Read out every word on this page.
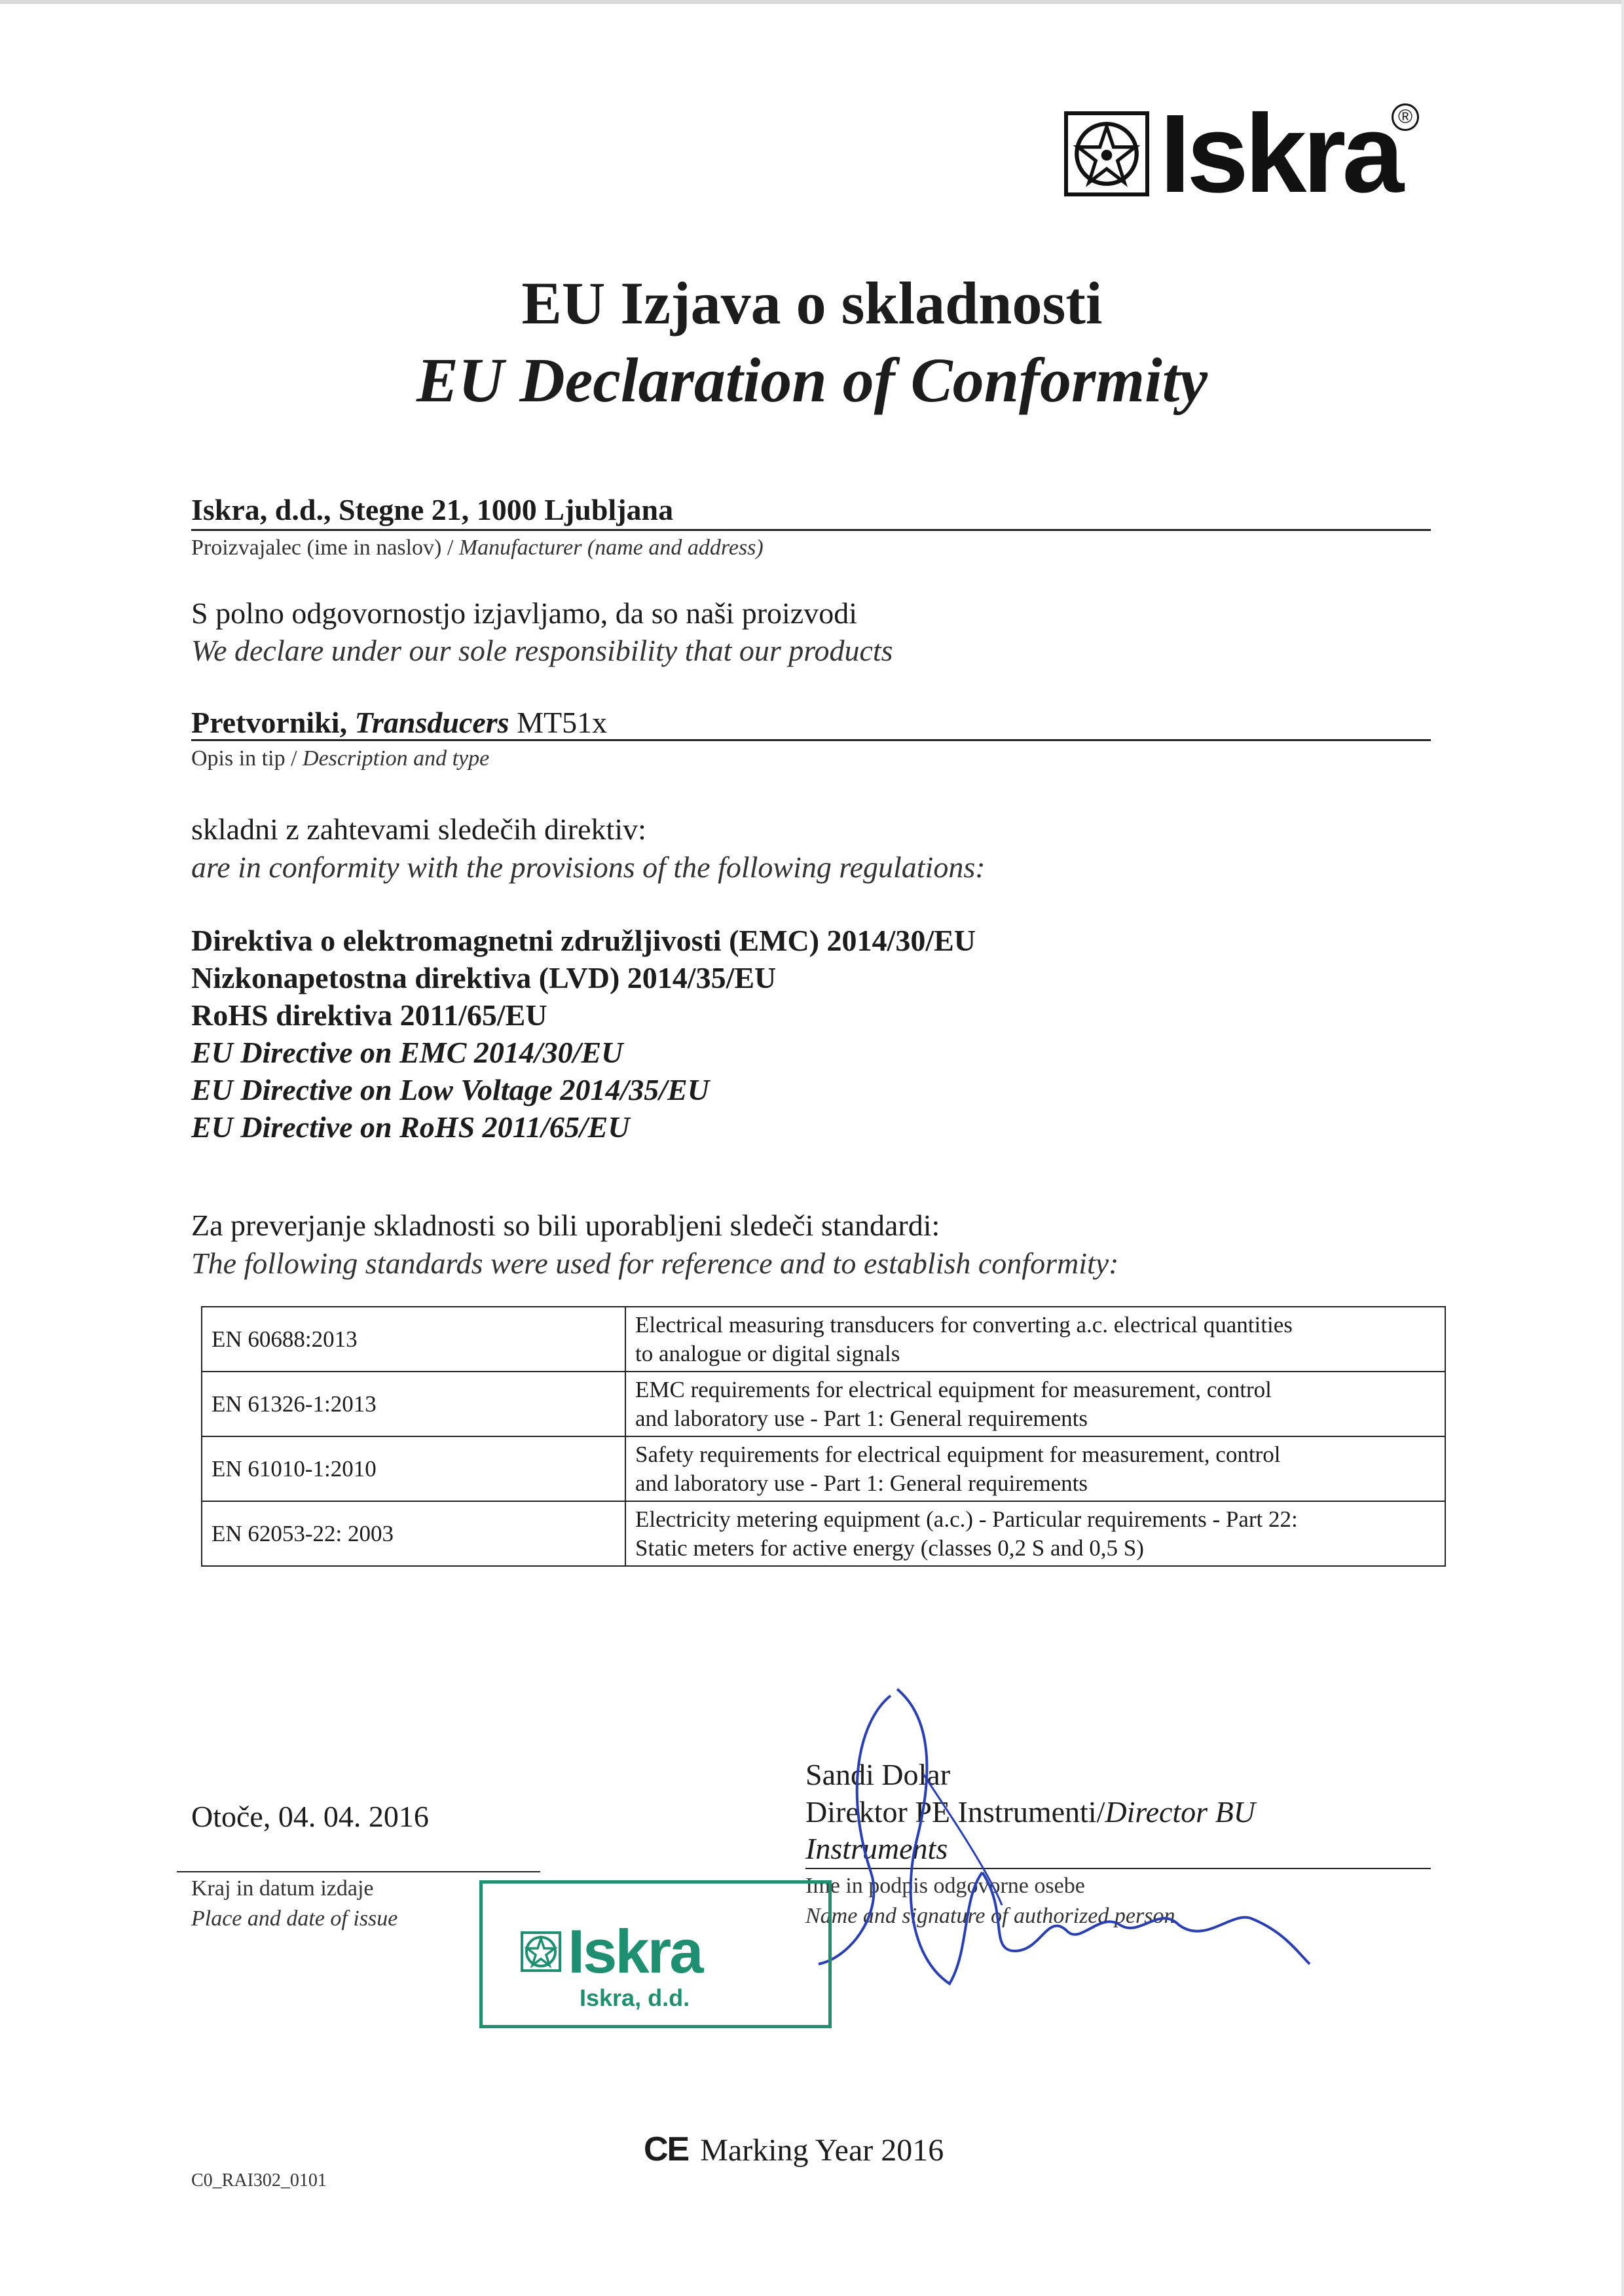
Iskra
®
EU Izjava o skladnosti
EU Declaration of Conformity
Iskra, d.d., Stegne 21, 1000 Ljubljana
Proizvajalec (ime in naslov) / Manufacturer (name and address)
S polno odgovornostjo izjavljamo, da so naši proizvodi
We declare under our sole responsibility that our products
Pretvorniki, Transducers MT51x
Opis in tip / Description and type
skladni z zahtevami sledečih direktiv:
are in conformity with the provisions of the following regulations:
Direktiva o elektromagnetni združljivosti (EMC) 2014/30/EU
Nizkonapetostna direktiva (LVD) 2014/35/EU
RoHS direktiva 2011/65/EU
EU Directive on EMC 2014/30/EU
EU Directive on Low Voltage 2014/35/EU
EU Directive on RoHS 2011/65/EU
Za preverjanje skladnosti so bili uporabljeni sledeči standardi:
The following standards were used for reference and to establish conformity:
EN 60688:2013	Electrical measuring transducers for converting a.c. electrical quantities
to analogue or digital signals

EN 61326-1:2013	EMC requirements for electrical equipment for measurement, control
and laboratory use - Part 1: General requirements

EN 61010-1:2010	Safety requirements for electrical equipment for measurement, control
and laboratory use - Part 1: General requirements

EN 62053-22: 2003	Electricity metering equipment (a.c.) - Particular requirements - Part 22:
Static meters for active energy (classes 0,2 S and 0,5 S)
Otoče, 04. 04. 2016
Kraj in datum izdaje
Place and date of issue
Sandi Dolar
Direktor PE Instrumenti/Director BU
Instruments
Ime in podpis odgovorne osebe
Name and signature of authorized person
Iskra
Iskra, d.d.
CE Marking Year 2016
C0_RAI302_0101
